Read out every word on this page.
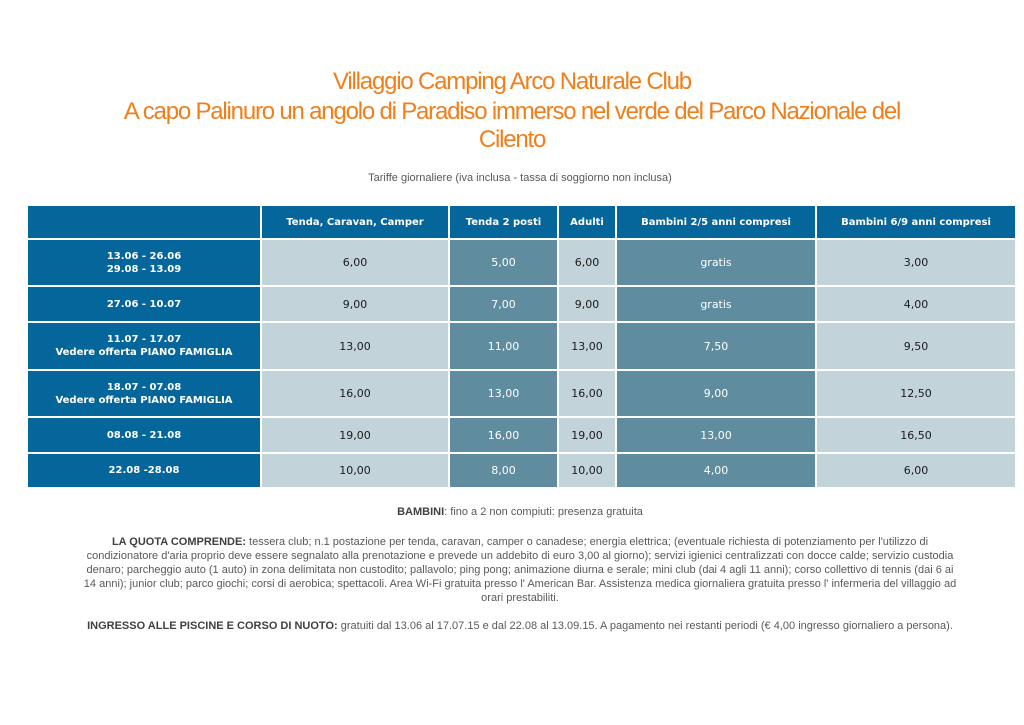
Villaggio Camping Arco Naturale Club
A capo Palinuro un angolo di Paradiso immerso nel verde del Parco Nazionale del
Cilento
Tariffe giornaliere (iva inclusa - tassa di soggiorno non inclusa)
	Tenda, Caravan, Camper	Tenda 2 posti	Adulti	Bambini 2/5 anni compresi	Bambini 6/9 anni compresi

13.06 - 26.06
29.08 - 13.09	6,00	5,00	6,00	gratis	3,00

27.06 - 10.07	9,00	7,00	9,00	gratis	4,00

11.07 - 17.07
Vedere offerta PIANO FAMIGLIA	13,00	11,00	13,00	7,50	9,50

18.07 - 07.08
Vedere offerta PIANO FAMIGLIA	16,00	13,00	16,00	9,00	12,50

08.08 - 21.08	19,00	16,00	19,00	13,00	16,50

22.08 -28.08	10,00	8,00	10,00	4,00	6,00
BAMBINI: fino a 2 non compiuti: presenza gratuita
LA QUOTA COMPRENDE: tessera club; n.1 postazione per tenda, caravan, camper o canadese; energia elettrica; (eventuale richiesta di potenziamento per l'utilizzo di condizionatore d'aria proprio deve essere segnalato alla prenotazione e prevede un addebito di euro 3,00 al giorno); servizi igienici centralizzati con docce calde; servizio custodia denaro; parcheggio auto (1 auto) in zona delimitata non custodito; pallavolo; ping pong; animazione diurna e serale; mini club (dai 4 agli 11 anni); corso collettivo di tennis (dai 6 ai 14 anni); junior club; parco giochi; corsi di aerobica; spettacoli. Area Wi-Fi gratuita presso l' American Bar. Assistenza medica giornaliera gratuita presso l' infermeria del villaggio ad orari prestabiliti.
INGRESSO ALLE PISCINE E CORSO DI NUOTO: gratuiti dal 13.06 al 17.07.15 e dal 22.08 al 13.09.15. A pagamento nei restanti periodi (€ 4,00 ingresso giornaliero a persona).
